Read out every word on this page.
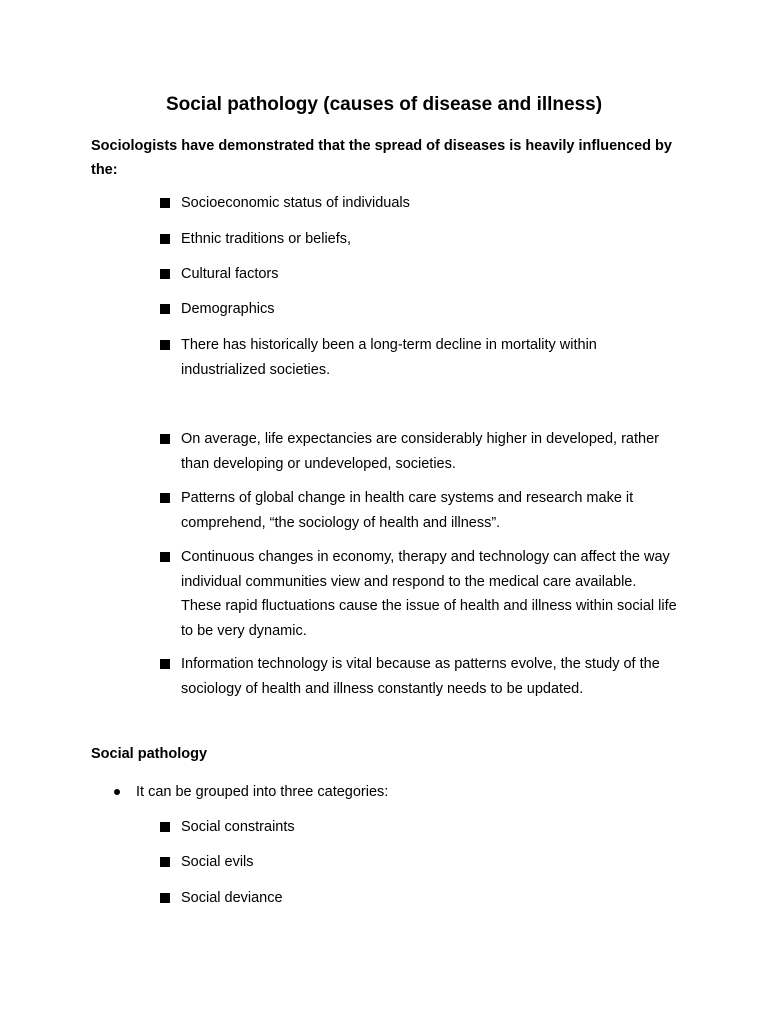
Social pathology (causes of disease and illness)
Sociologists have demonstrated that the spread of diseases is heavily influenced by the:
Socioeconomic status of individuals
Ethnic traditions or beliefs,
Cultural factors
Demographics
There has historically been a long-term decline in mortality within industrialized societies.
On average, life expectancies are considerably higher in developed, rather than developing or undeveloped, societies.
Patterns of global change in health care systems and research make it comprehend, “the sociology of health and illness”.
Continuous changes in economy, therapy and technology can affect the way individual communities view and respond to the medical care available. These rapid fluctuations cause the issue of health and illness within social life to be very dynamic.
Information technology is vital because as patterns evolve, the study of the sociology of health and illness constantly needs to be updated.
Social pathology
It can be grouped into three categories:
Social constraints
Social evils
Social deviance
